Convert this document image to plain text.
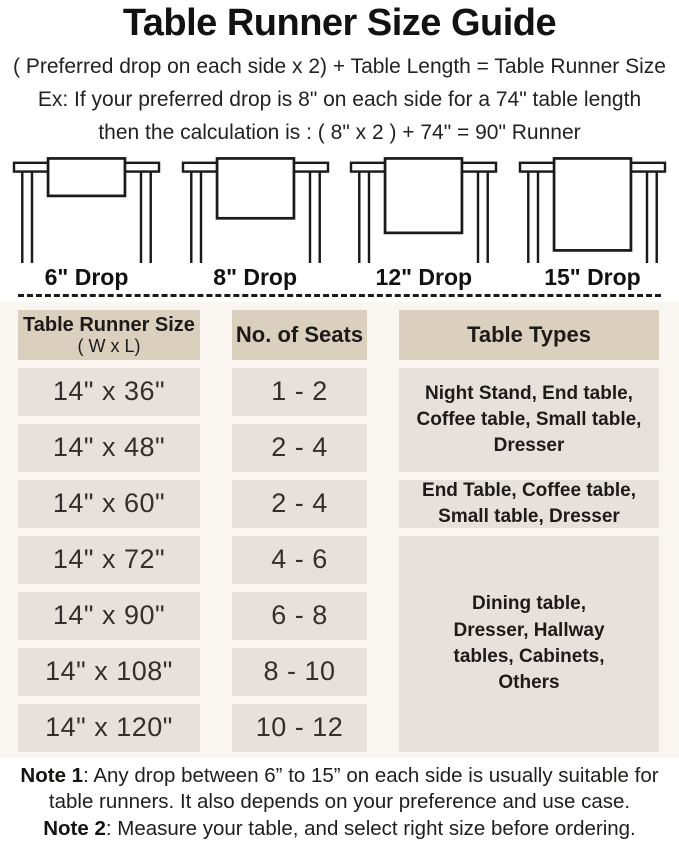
Table Runner Size Guide
( Preferred drop on each side x 2) + Table Length = Table Runner Size
Ex: If your preferred drop is 8" on each side for a 74" table length
then the calculation is : ( 8" x 2 ) + 74" = 90" Runner
6" Drop	8" Drop	12" Drop	15" Drop
Table Runner Size
( W x L)	No. of Seats	Table Types
14" x 36"	1 - 2	Night Stand, End table, Coffee table, Small table, Dresser
14" x 48"	2 - 4
14" x 60"	2 - 4	End Table, Coffee table, Small table, Dresser
14" x 72"	4 - 6
Dining table, Dresser, Hallway tables, Cabinets, Others
14" x 90"	6 - 8
14" x 108"	8 - 10
14" x 120"	10 - 12

Note 1: Any drop between 6” to 15” on each side is usually suitable for table runners. It also depends on your preference and use case.

Note 2: Measure your table, and select right size before ordering.
